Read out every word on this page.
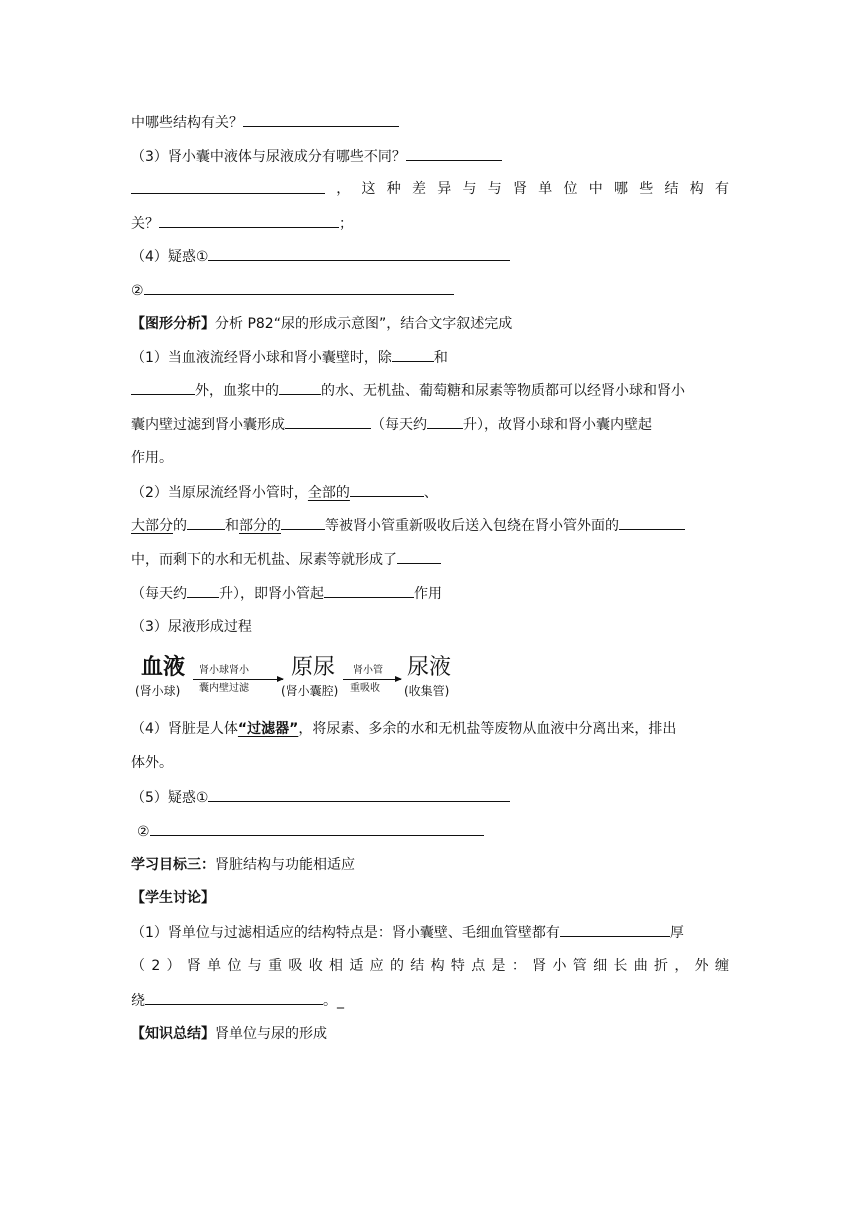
中哪些结构有关？
（3）肾小囊中液体与尿液成分有哪些不同？
， 这 种 差 异 与 与 肾 单 位 中 哪 些 结 构 有
关？	；
（4）疑惑①
②
【图形分析】分析 P82“尿的形成示意图”，结合文字叙述完成
（1）当血液流经肾小球和肾小囊壁时，除	和
外，血浆中的	的水、无机盐、葡萄糖和尿素等物质都可以经肾小球和肾小
囊内壁过滤到肾小囊形成	（每天约	升），故肾小球和肾小囊内壁起
作用。
（2）当原尿流经肾小管时，全部的	、
大部分的	和部分的	等被肾小管重新吸收后送入包绕在肾小管外面的
中，而剩下的水和无机盐、尿素等就形成了
（每天约 升），即肾小管起	作用
（3）尿液形成过程
血液
(肾小球)
肾小球肾小
囊内壁过滤
原尿
(肾小囊腔)
肾小管
重吸收
尿液
(收集管)
（4）肾脏是人体“过滤器”，将尿素、多余的水和无机盐等废物从血液中分离出来，排出
体外。
（5）疑惑①
②
学习目标三：肾脏结构与功能相适应
【学生讨论】
（1）肾单位与过滤相适应的结构特点是：肾小囊壁、毛细血管壁都有	厚
（ 2 ） 肾 单 位 与 重 吸 收 相 适 应 的 结 构 特 点 是 ： 肾 小 管 细 长 曲 折 ， 外 缠
绕	。_
【知识总结】肾单位与尿的形成
